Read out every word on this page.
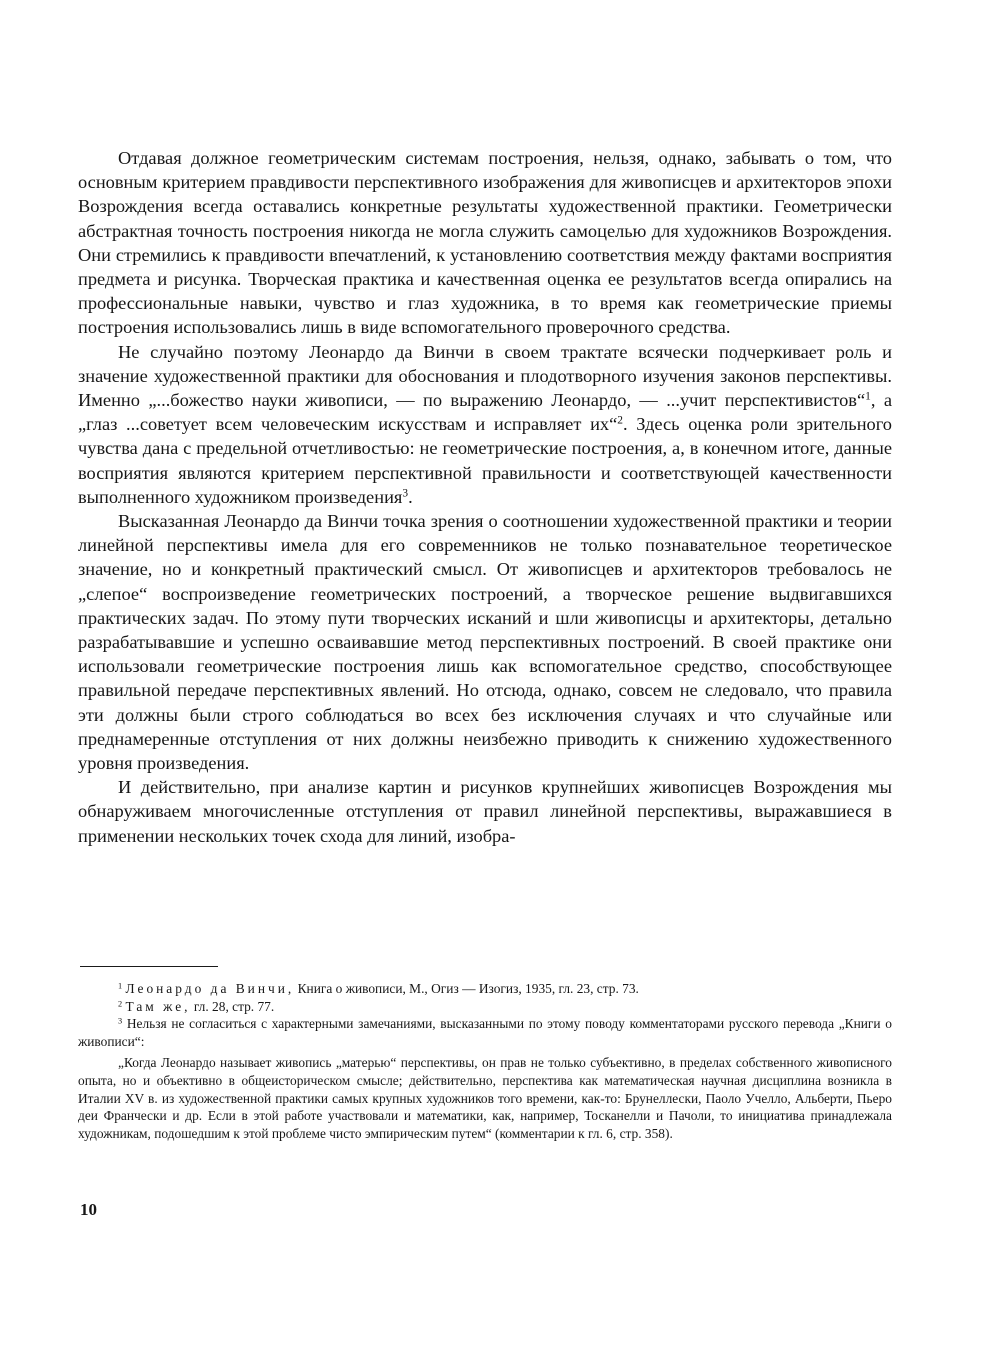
Отдавая должное геометрическим системам построения, нельзя, однако, забывать о том, что основным критерием правдивости перспективного изображения для живописцев и архитекторов эпохи Возрождения всегда оставались конкретные результаты художественной практики. Геометрически абстрактная точность построения никогда не могла служить самоцелью для художников Возрождения. Они стремились к правдивости впечатлений, к установлению соответствия между фактами восприятия предмета и рисунка. Творческая практика и качественная оценка ее результатов всегда опирались на профессиональные навыки, чувство и глаз художника, в то время как геометрические приемы построения использовались лишь в виде вспомогательного проверочного средства.

Не случайно поэтому Леонардо да Винчи в своем трактате всячески подчеркивает роль и значение художественной практики для обоснования и плодотворного изучения законов перспективы. Именно „...божество науки живописи, — по выражению Леонардо, — ...учит перспективистов“$^1$, а „глаз ...советует всем человеческим искусствам и исправляет их“$^2$. Здесь оценка роли зрительного чувства дана с предельной отчетливостью: не геометрические построения, а, в конечном итоге, данные восприятия являются критерием перспективной правильности и соответствующей качественности выполненного художником произведения$^3$.

Высказанная Леонардо да Винчи точка зрения о соотношении художественной практики и теории линейной перспективы имела для его современников не только познавательное теоретическое значение, но и конкретный практический смысл. От живописцев и архитекторов требовалось не „слепое“ воспроизведение геометрических построений, а творческое решение выдвигавшихся практических задач. По этому пути творческих исканий и шли живописцы и архитекторы, детально разрабатывавшие и успешно осваивавшие метод перспективных построений. В своей практике они использовали геометрические построения лишь как вспомогательное средство, способствующее правильной передаче перспективных явлений. Но отсюда, однако, совсем не следовало, что правила эти должны были строго соблюдаться во всех без исключения случаях и что случайные или преднамеренные отступления от них должны неизбежно приводить к снижению художественного уровня произведения.

И действительно, при анализе картин и рисунков крупнейших живописцев Возрождения мы обнаруживаем многочисленные отступления от правил линейной перспективы, выражавшиеся в применении нескольких точек схода для линий, изобра-

$^1$ Леонардо да Винчи, Книга о живописи, М., Огиз — Изогиз, 1935, гл. 23, стр. 73.

$^2$ Там же, гл. 28, стр. 77.

$^3$ Нельзя не согласиться с характерными замечаниями, высказанными по этому поводу комментаторами русского перевода „Книги о живописи“:

„Когда Леонардо называет живопись „матерью“ перспективы, он прав не только субъективно, в пределах собственного живописного опыта, но и объективно в общеисторическом смысле; действительно, перспектива как математическая научная дисциплина возникла в Италии XV в. из художественной практики самых крупных художников того времени, как-то: Брунеллески, Паоло Учелло, Альберти, Пьеро деи Франчески и др. Если в этой работе участвовали и математики, как, например, Тосканелли и Пачоли, то инициатива принадлежала художникам, подошедшим к этой проблеме чисто эмпирическим путем“ (комментарии к гл. 6, стр. 358).

10
